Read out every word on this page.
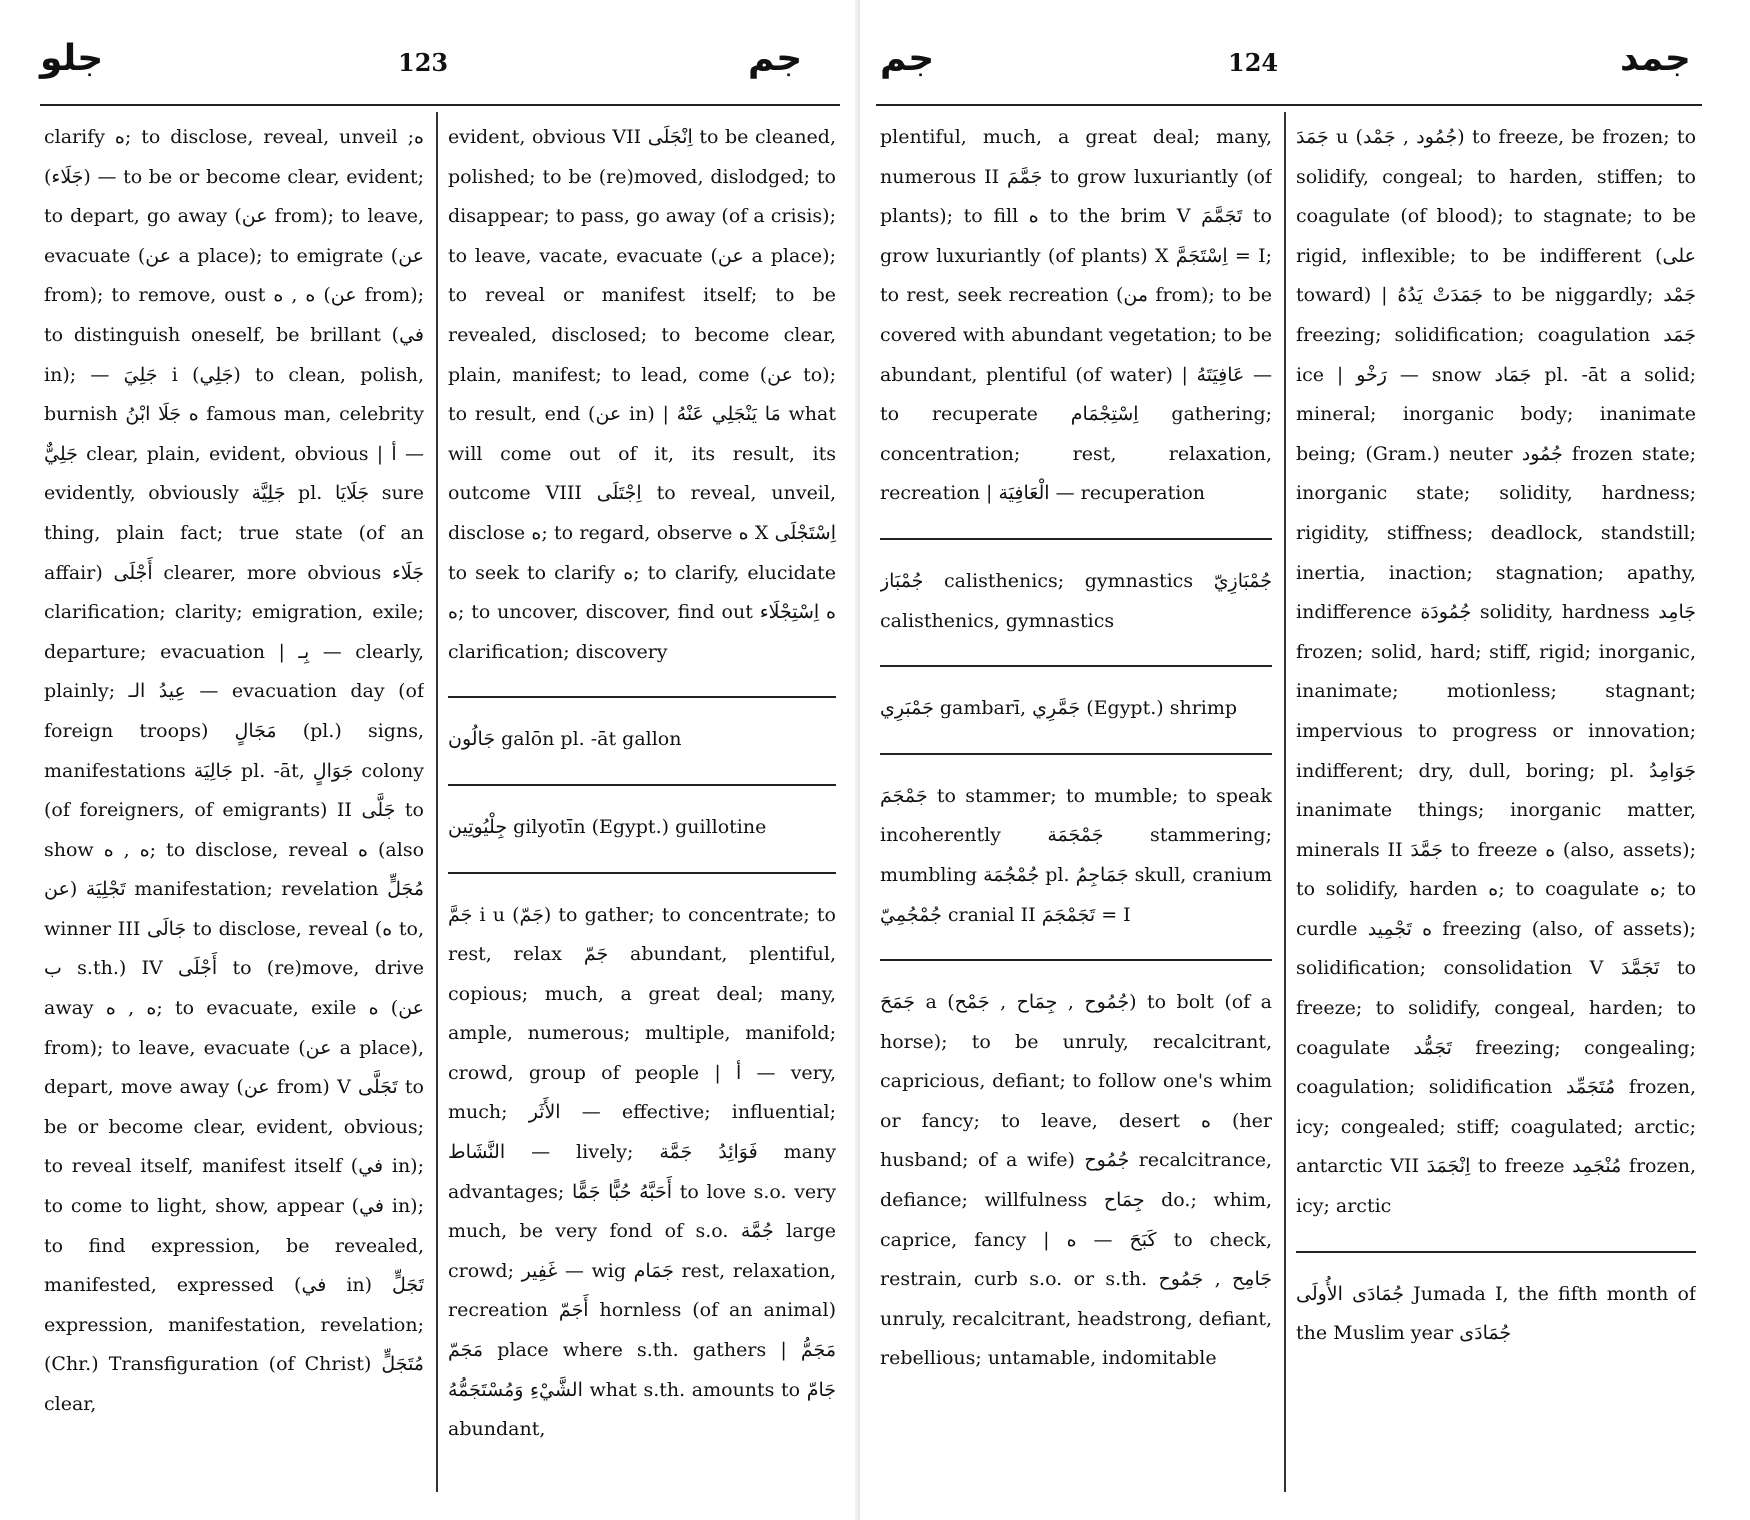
جلو	123	جم

clarify ه; to disclose, reveal, unveil ه; — (جَلَاء) to be or become clear, evident; to depart, go away (عن from); to leave, evacuate (عن a place); to emigrate (عن from); to remove, oust ه , ه (عن from); to distinguish oneself, be brillant (في in); — جَلِيَ i (جَلِي) to clean, polish, burnish ه جَلَا ابْنُ famous man, celebrity جَلِيٌّ clear, plain, evident, obvious | أ — evidently, obviously جَلِيَّة pl. جَلَايَا sure thing, plain fact; true state (of an affair) أَجْلَى clearer, more obvious جَلَاء clarification; clarity; emigration, exile; departure; evacuation | بِـ — clearly, plainly; عِيدُ الـ — evacuation day (of foreign troops) مَجَالٍ (pl.) signs, manifestations جَالِيَة pl. -āt, جَوَالٍ colony (of foreigners, of emigrants) II جَلَّى to show ه , ه; to disclose, reveal ه (also عن) تَجْلِيَة manifestation; revelation مُجَلٍّ winner III جَالَى to disclose, reveal (ه to, ب s.th.) IV أَجْلَى to (re)move, drive away ه , ه; to evacuate, exile ه (عن from); to leave, evacuate (عن a place), depart, move away (عن from) V تَجَلَّى to be or become clear, evident, obvious; to reveal itself, manifest itself (في in); to come to light, show, appear (في in); to find expression, be revealed, manifested, expressed (في in) تَجَلٍّ expression, manifestation, revelation; (Chr.) Transfiguration (of Christ) مُتَجَلٍّ clear,

evident, obvious VII اِنْجَلَى to be cleaned, polished; to be (re)moved, dislodged; to disappear; to pass, go away (of a crisis); to leave, vacate, evacuate (عن a place); to reveal or manifest itself; to be revealed, disclosed; to become clear, plain, manifest; to lead, come (عن to); to result, end (عن in) | مَا يَنْجَلِي عَنْهُ what will come out of it, its result, its outcome VIII اِجْتَلَى to reveal, unveil, disclose ه; to regard, observe ه X اِسْتَجْلَى to seek to clarify ه; to clarify, elucidate ه; to uncover, discover, find out ه اِسْتِجْلَاء clarification; discovery

جَالُون galōn pl. -āt gallon

جِلْيُوتِين gilyotīn (Egypt.) guillotine

جَمَّ i u (جَمّ) to gather; to concentrate; to rest, relax جَمّ abundant, plentiful, copious; much, a great deal; many, ample, numerous; multiple, manifold; crowd, group of people | أ — very, much; الأَثَر — effective; influential; النَّشَاط — lively; فَوَائِدُ جَمَّة many advantages; أَحَبَّهُ حُبًّا جَمًّا to love s.o. very much, be very fond of s.o. جُمَّة large crowd; غَفِير — wig جَمَام rest, relaxation, recreation أَجَمّ hornless (of an animal) مَجَمّ place where s.th. gathers | مَجَمُّ الشَّيْءِ وَمُسْتَجَمُّهُ what s.th. amounts to جَامّ abundant,

جم	124	جمد

plentiful, much, a great deal; many, numerous II جَمَّمَ to grow luxuriantly (of plants); to fill ه to the brim V تَجَمَّمَ to grow luxuriantly (of plants) X اِسْتَجَمَّ = I; to rest, seek recreation (من from); to be covered with abundant vegetation; to be abundant, plentiful (of water) | عَافِيَتَهُ — to recuperate اِسْتِجْمَام gathering; concentration; rest, relaxation, recreation | الْعَافِيَة — recuperation

جُمْبَاز calisthenics; gymnastics جُمْبَازِيّ calisthenics, gymnastics

جَمْبَرِي gambarī, جَمَّرِي (Egypt.) shrimp

جَمْجَمَ to stammer; to mumble; to speak incoherently جَمْجَمَة stammering; mumbling جُمْجُمَة pl. جَمَاجِمُ skull, cranium جُمْجُمِيّ cranial II تَجَمْجَمَ = I

جَمَحَ a (جُمُوح , جِمَاح , جَمْح) to bolt (of a horse); to be unruly, recalcitrant, capricious, defiant; to follow one's whim or fancy; to leave, desert ه (her husband; of a wife) جُمُوح recalcitrance, defiance; willfulness جِمَاح do.; whim, caprice, fancy | كَبَحَ — ه to check, restrain, curb s.o. or s.th. جَامِح , جَمُوح unruly, recalcitrant, headstrong, defiant, rebellious; untamable, indomitable

جَمَدَ u (جُمُود , جَمْد) to freeze, be frozen; to solidify, congeal; to harden, stiffen; to coagulate (of blood); to stagnate; to be rigid, inflexible; to be indifferent (على toward) | جَمَدَتْ يَدُهُ to be niggardly; جَمْد freezing; solidification; coagulation جَمَد ice | رَخْو — snow جَمَاد pl. -āt a solid; mineral; inorganic body; inanimate being; (Gram.) neuter جُمُود frozen state; inorganic state; solidity, hardness; rigidity, stiffness; deadlock, standstill; inertia, inaction; stagnation; apathy, indifference جُمُودَة solidity, hardness جَامِد frozen; solid, hard; stiff, rigid; inorganic, inanimate; motionless; stagnant; impervious to progress or innovation; indifferent; dry, dull, boring; pl. جَوَامِدُ inanimate things; inorganic matter, minerals II جَمَّدَ to freeze ه (also, assets); to solidify, harden ه; to coagulate ه; to curdle ه تَجْمِيد freezing (also, of assets); solidification; consolidation V تَجَمَّدَ to freeze; to solidify, congeal, harden; to coagulate تَجَمُّد freezing; congealing; coagulation; solidification مُتَجَمِّد frozen, icy; congealed; stiff; coagulated; arctic; antarctic VII اِنْجَمَدَ to freeze مُنْجَمِد frozen, icy; arctic

جُمَادَى الأُولَى Jumada I, the fifth month of the Muslim year جُمَادَى
